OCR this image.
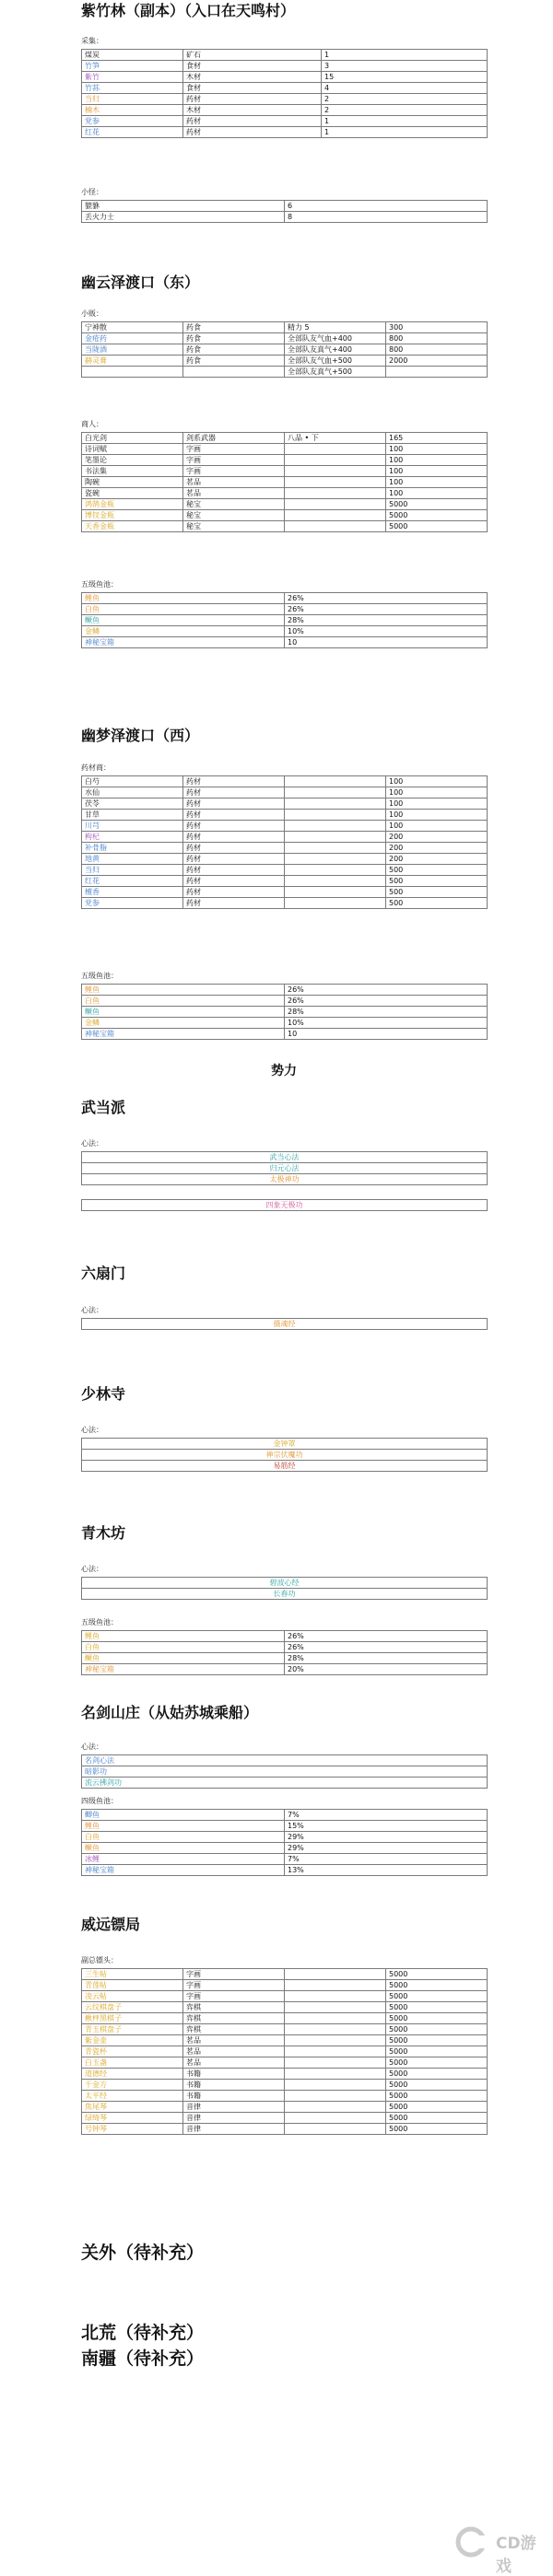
紫竹林（副本）（入口在天鸣村）
采集：
煤炭	矿石	1
竹笋	食材	3
紫竹	木材	15
竹荪	食材	4
当归	药材	2
楠木	木材	2
党参	药材	1
红花	药材	1
小怪：
貔貅	6
丢火力士	8
幽云泽渡口（东）
小贩：
宁神散	药食	精力 5	300
金疮药	药食	全部队友气血+400	800
当陇酒	药食	全部队友真气+400	800
赫灵膏	药食	全部队友气血+500	2000
		全部队友真气+500	
商人：
白光剑	剑系武器	八品 • 下	165
诗词赋	字画		100
笔墨论	字画		100
书法集	字画		100
陶碗	茗品		100
瓷碗	茗品		100
鸿鹄金瓶	秘宝		5000
博钗金瓶	秘宝		5000
天香金瓶	秘宝		5000
五级鱼池：
鲤鱼	26%
白鱼	26%
鳜鱼	28%
金鳞	10%
神秘宝箱	10
幽梦泽渡口（西）
药材商：
白芍	药材		100
水仙	药材		100
茯苓	药材		100
甘草	药材		100
川芎	药材		100
枸杞	药材		200
补骨脂	药材		200
地黄	药材		200
当归	药材		500
红花	药材		500
檀香	药材		500
党参	药材		500
五级鱼池：
鲤鱼	26%
白鱼	26%
鳜鱼	28%
金鳞	10%
神秘宝箱	10
势力
武当派
心法：
武当心法
归元心法
太极神功
四象无极功
六扇门
心法：
摄魂经
少林寺
心法：
金钟罩
禅宗伏魔功
易筋经
青木坊
心法：
碧波心经
长春功
五级鱼池：
鲤鱼	26%
白鱼	26%
鳜鱼	28%
神秘宝箱	20%
名剑山庄（从姑苏城乘船）
心法：
名剑心法
暗影功
流云拂剑功
四级鱼池：
鲫鱼	7%
鲤鱼	15%
白鱼	29%
鳜鱼	29%
冰鲤	7%
神秘宝箱	13%
威远镖局
副总镖头：
三生帖	字画		5000
青莲帖	字画		5000
凌云帖	字画		5000
云纹棋盘子	弈棋		5000
楸枰黑棋子	弈棋		5000
青玉棋盘子	弈棋		5000
紫金壶	茗品		5000
青瓷杯	茗品		5000
白玉盏	茗品		5000
道德经	书籍		5000
千金方	书籍		5000
太平经	书籍		5000
焦尾琴	音律		5000
绿绮琴	音律		5000
号钟琴	音律		5000
关外（待补充）
北荒（待补充）
南疆（待补充）
CD游戏
